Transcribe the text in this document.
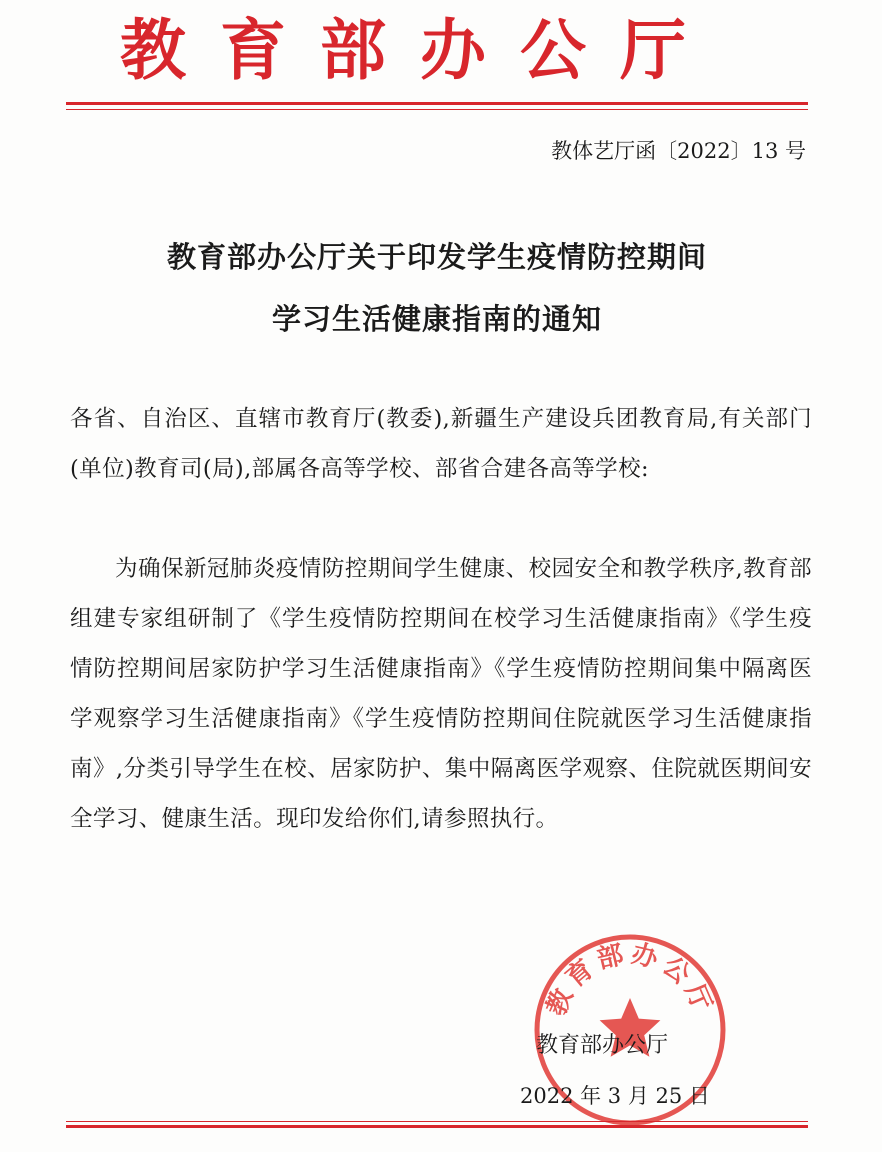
教育部办公厅
教体艺厅函〔2022〕13 号
教育部办公厅关于印发学生疫情防控期间
学习生活健康指南的通知
各省、自治区、直辖市教育厅(教委),新疆生产建设兵团教育局,有关部门(单位)教育司(局),部属各高等学校、部省合建各高等学校:
为确保新冠肺炎疫情防控期间学生健康、校园安全和教学秩序,教育部组建专家组研制了《学生疫情防控期间在校学习生活健康指南》《学生疫情防控期间居家防护学习生活健康指南》《学生疫情防控期间集中隔离医学观察学习生活健康指南》《学生疫情防控期间住院就医学习生活健康指南》,分类引导学生在校、居家防护、集中隔离医学观察、住院就医期间安全学习、健康生活。现印发给你们,请参照执行。
教育部办公厅
教育部办公厅
2022 年 3 月 25 日
